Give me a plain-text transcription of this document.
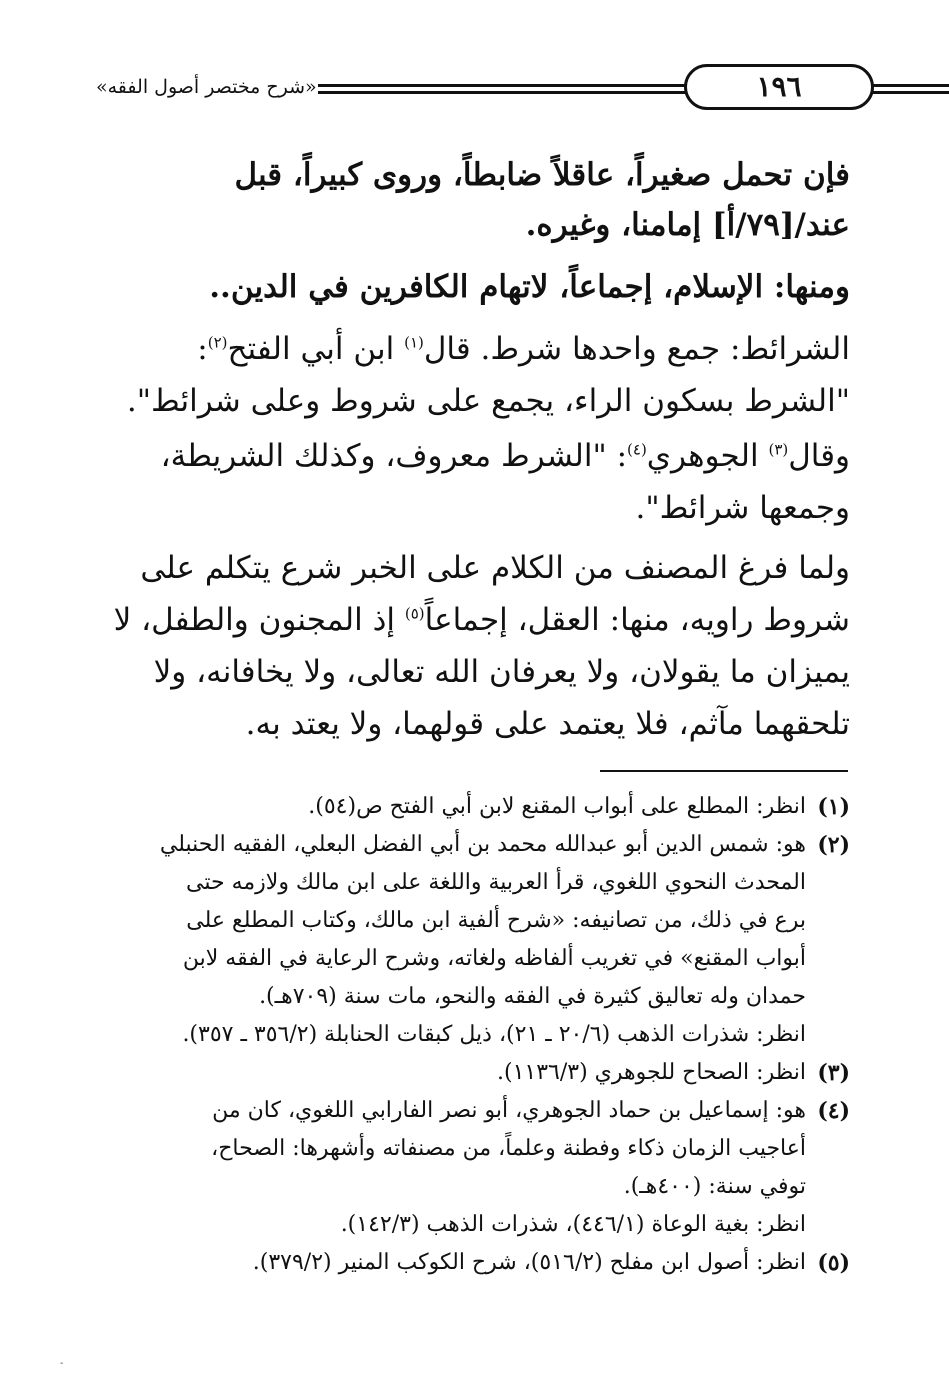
«شرح مختصر أصول الفقه»	١٩٦
فإن تحمل صغيراً، عاقلاً ضابطاً، وروى كبيراً، قبل
عند/[٧٩/أ] إمامنا، وغيره.
ومنها: الإسلام، إجماعاً، لاتهام الكافرين في الدين..
الشرائط: جمع واحدها شرط. قال$^{(١)}$ ابن أبي الفتح$^{(٢)}$:
"الشرط بسكون الراء، يجمع على شروط وعلى شرائط".
وقال$^{(٣)}$ الجوهري$^{(٤)}$: "الشرط معروف، وكذلك الشريطة،
وجمعها شرائط".
ولما فرغ المصنف من الكلام على الخبر شرع يتكلم على
شروط راويه، منها: العقل، إجماعاً$^{(٥)}$ إذ المجنون والطفل، لا
يميزان ما يقولان، ولا يعرفان الله تعالى، ولا يخافانه، ولا
تلحقهما مآثم، فلا يعتمد على قولهما، ولا يعتد به.
(١)
انظر: المطلع على أبواب المقنع لابن أبي الفتح ص(٥٤).
(٢)
هو: شمس الدين أبو عبدالله محمد بن أبي الفضل البعلي، الفقيه الحنبلي
المحدث النحوي اللغوي، قرأ العربية واللغة على ابن مالك ولازمه حتى
برع في ذلك، من تصانيفه: «شرح ألفية ابن مالك، وكتاب المطلع على
أبواب المقنع» في تغريب ألفاظه ولغاته، وشرح الرعاية في الفقه لابن
حمدان وله تعاليق كثيرة في الفقه والنحو، مات سنة (٧٠٩هـ).
انظر: شذرات الذهب (٢٠/٦ ـ ٢١)، ذيل كبقات الحنابلة (٣٥٦/٢ ـ ٣٥٧).
(٣)
انظر: الصحاح للجوهري (١١٣٦/٣).
(٤)
هو: إسماعيل بن حماد الجوهري، أبو نصر الفارابي اللغوي، كان من
أعاجيب الزمان ذكاء وفطنة وعلماً، من مصنفاته وأشهرها: الصحاح،
توفي سنة: (٤٠٠هـ).
انظر: بغية الوعاة (٤٤٦/١)، شذرات الذهب (١٤٢/٣).
(٥)
انظر: أصول ابن مفلح (٥١٦/٢)، شرح الكوكب المنير (٣٧٩/٢).
-
